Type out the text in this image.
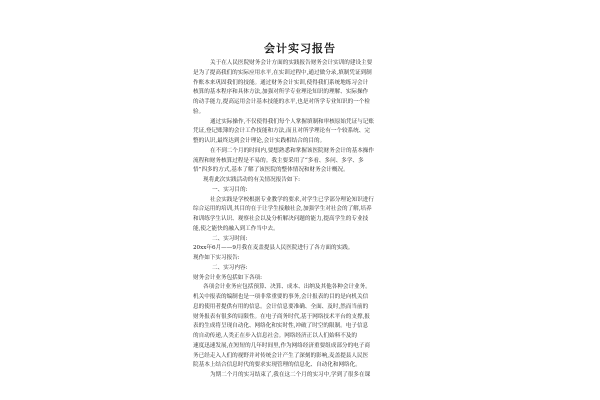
会计实习报告
关于在人民医院财务会计方面的实践报告财务会计实训的建设主要
是为了提高我们的实际应用水平,在实训过程中,通过做分录,填制凭证到制
作账本来巩固我们的技能。通过财务会计实训,使得我们系统地练习会计
核算的基本程序和具体方法,加强对所学专业理论知识的理解、实际操作
的动手能力,提高运用会计基本技能的水平,也是对所学专业知识的一个检
验。
通过实际操作,不仅使得我们每个人掌握填制和审核原始凭证与记账
凭证,登记账簿的会计工作技能和方法,而且对所学理论有一个较系统、完
整的认识,最终达到会计理论,会计实践相结合的目的。
在不到二个月的时间内,要想熟悉和掌握该医院财务会计的基本操作
流程和财务核算过程是不易的。我主要采用了“多看、多问、多学、多
悟”四多的方式,基本了解了该医院的整体情况和财务会计概况。
现将此次实践活动的有关情况报告如下:
一、实习目的:
社会实践是学校根据专业教学的要求,对学生已学部分理论知识进行
综合运用的培训,其目的在于让学生接触社会,加强学生对社会的了解,培养
和训练学生认识、观察社会以及分析解决问题的能力,提高学生的专业技
能,使之能快的融入到工作当中去。
二、实习时间:
20xx年6月——9月我在麦盖提县人民医院进行了各方面的实践。
现作如下实习报告:
二、实习内容:
财务会计业务包括如下各项:
各项会计业务应包括预算、决算、成本、出纳及其他各种会计业务。
机关中报表的编制也是一项非常重要的事务,会计报表的目的是向机关信
息的使用者提供有用的信息。会计信息要准确、全面、及时,然而当前的
财务报表有很多的局限性。在电子商务时代,基于网络技术平台的支撑,报
表的生成将呈现自动化、网络化和实时性,冲破了时空的限制。电子信息
的自动传递,人类正在步入信息社会。网络经济正以人们始料不及的
速度迅速发展,在短短的几年时间里,作为网络经济重要组成部分的电子商
务已经走入人们的视野并对传统会计产生了深刻的影响,麦盖提县人民医
院基本上结合信息时代的要求实现管理的信息化、自动化和网络化。
为期二个月的实习结束了,我在这二个月的实习中,学到了很多在课
